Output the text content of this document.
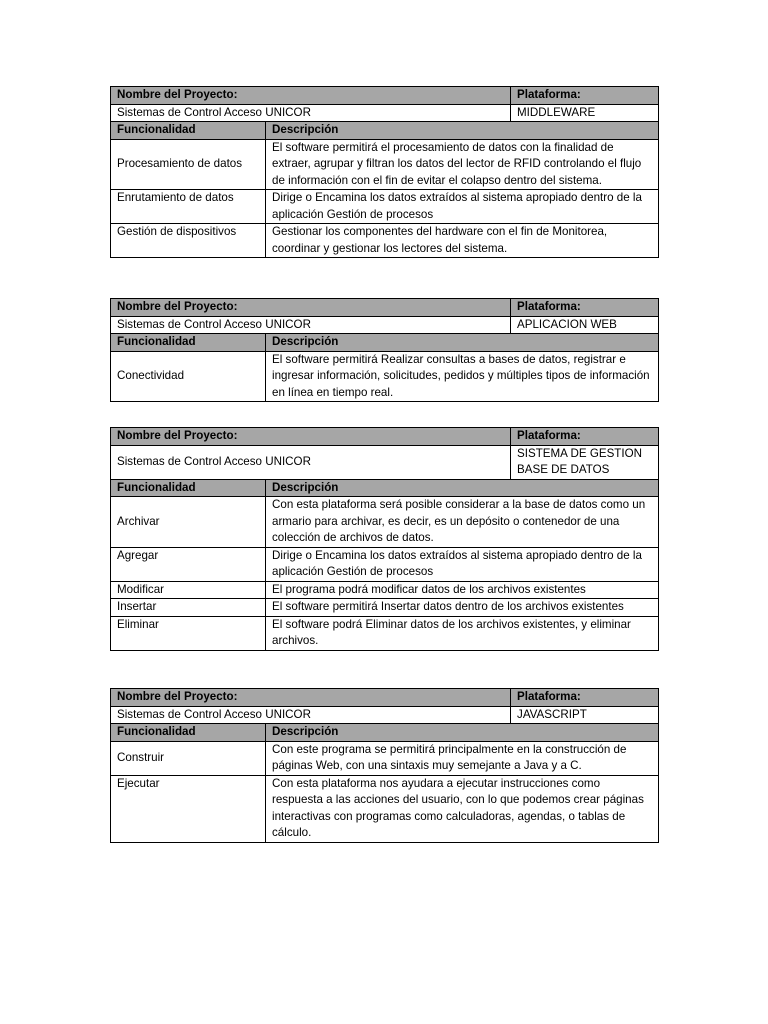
Nombre del Proyecto:		Plataforma:
Sistemas de Control Acceso UNICOR		MIDDLEWARE
Funcionalidad	Descripción	
Procesamiento de datos	El software permitirá el procesamiento de datos con la finalidad de extraer, agrupar y filtran los datos del lector de RFID controlando el flujo de información con el fin de evitar el colapso dentro del sistema.	
Enrutamiento de datos	Dirige o Encamina los datos extraídos al sistema apropiado dentro de la aplicación Gestión de procesos	
Gestión de dispositivos	Gestionar los componentes del hardware con el fin de Monitorea, coordinar y gestionar los lectores del sistema.	
Nombre del Proyecto:		Plataforma:
Sistemas de Control Acceso UNICOR		APLICACION WEB
Funcionalidad	Descripción	
Conectividad	El software permitirá Realizar consultas a bases de datos, registrar e ingresar información, solicitudes, pedidos y múltiples tipos de información en línea en tiempo real.	
Nombre del Proyecto:		Plataforma:
Sistemas de Control Acceso UNICOR		SISTEMA DE GESTION BASE DE DATOS
Funcionalidad	Descripción	
Archivar	Con esta plataforma será posible considerar a la base de datos como un armario para archivar, es decir, es un depósito o contenedor de una colección de archivos de datos.	
Agregar	Dirige o Encamina los datos extraídos al sistema apropiado dentro de la aplicación Gestión de procesos	
Modificar	El programa podrá modificar datos de los archivos existentes	
Insertar	El software permitirá Insertar datos dentro de los archivos existentes	
Eliminar	El software podrá Eliminar datos de los archivos existentes, y eliminar archivos.	
Nombre del Proyecto:		Plataforma:
Sistemas de Control Acceso UNICOR		JAVASCRIPT
Funcionalidad	Descripción	
Construir	Con este programa se permitirá principalmente en la construcción de páginas Web, con una sintaxis muy semejante a Java y a C.	
Ejecutar	Con esta plataforma nos ayudara a ejecutar instrucciones como respuesta a las acciones del usuario, con lo que podemos crear páginas interactivas con programas como calculadoras, agendas, o tablas de cálculo.	
